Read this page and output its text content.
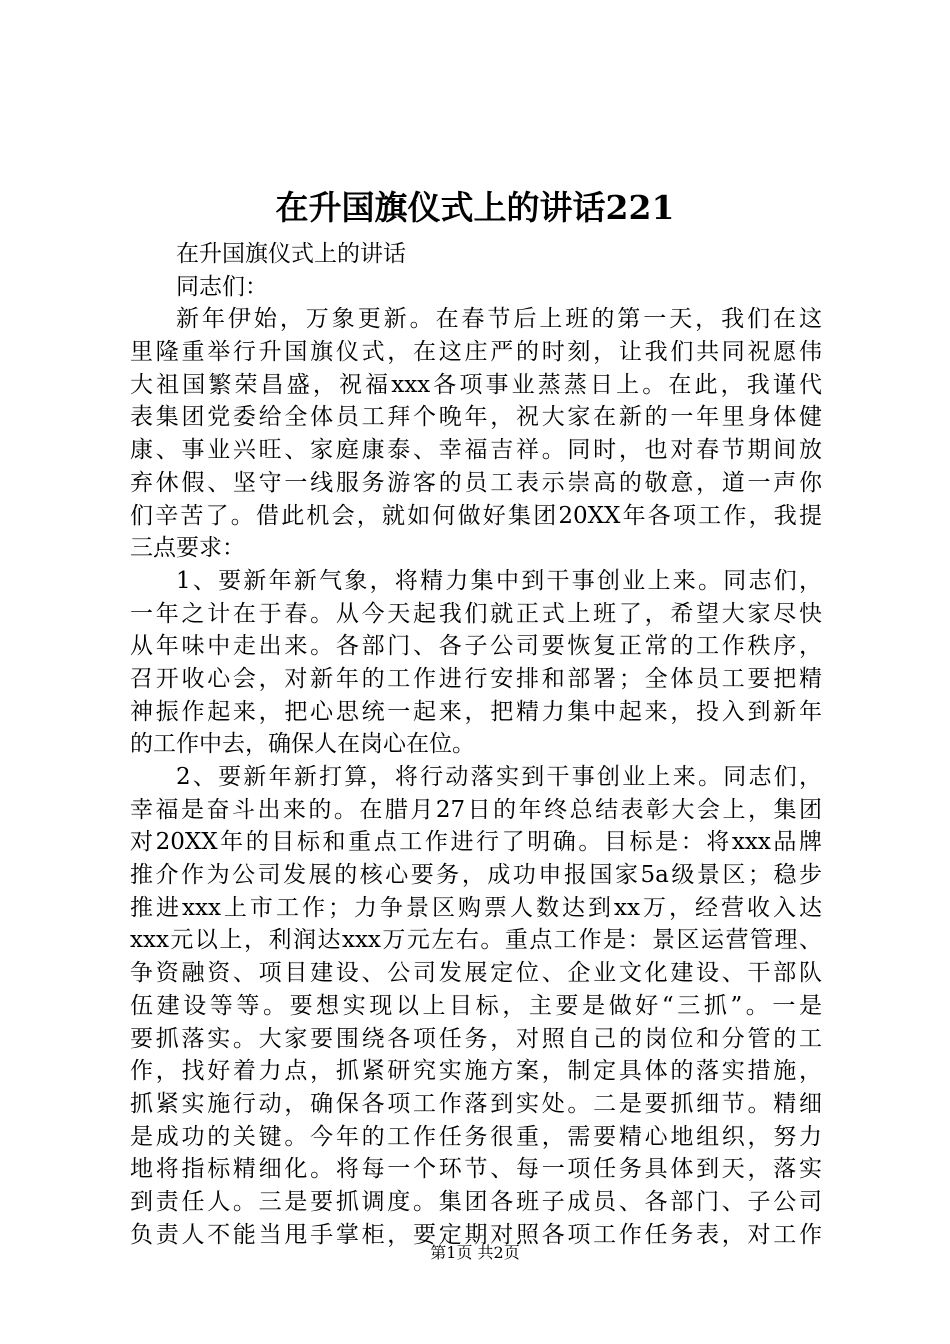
在升国旗仪式上的讲话221
在升国旗仪式上的讲话
同志们：
新年伊始，万象更新。在春节后上班的第一天，我们在这
里隆重举行升国旗仪式，在这庄严的时刻，让我们共同祝愿伟
大祖国繁荣昌盛，祝福xxx各项事业蒸蒸日上。在此，我谨代
表集团党委给全体员工拜个晚年，祝大家在新的一年里身体健
康、事业兴旺、家庭康泰、幸福吉祥。同时，也对春节期间放
弃休假、坚守一线服务游客的员工表示崇高的敬意，道一声你
们辛苦了。借此机会，就如何做好集团20XX年各项工作，我提
三点要求：
1、要新年新气象，将精力集中到干事创业上来。同志们，
一年之计在于春。从今天起我们就正式上班了，希望大家尽快
从年味中走出来。各部门、各子公司要恢复正常的工作秩序，
召开收心会，对新年的工作进行安排和部署；全体员工要把精
神振作起来，把心思统一起来，把精力集中起来，投入到新年
的工作中去，确保人在岗心在位。
2、要新年新打算，将行动落实到干事创业上来。同志们，
幸福是奋斗出来的。在腊月27日的年终总结表彰大会上，集团
对20XX年的目标和重点工作进行了明确。目标是：将xxx品牌
推介作为公司发展的核心要务，成功申报国家5a级景区；稳步
推进xxx上市工作；力争景区购票人数达到xx万，经营收入达
xxx元以上，利润达xxx万元左右。重点工作是：景区运营管理、
争资融资、项目建设、公司发展定位、企业文化建设、干部队
伍建设等等。要想实现以上目标，主要是做好“三抓”。一是
要抓落实。大家要围绕各项任务，对照自己的岗位和分管的工
作，找好着力点，抓紧研究实施方案，制定具体的落实措施，
抓紧实施行动，确保各项工作落到实处。二是要抓细节。精细
是成功的关键。今年的工作任务很重，需要精心地组织，努力
地将指标精细化。将每一个环节、每一项任务具体到天，落实
到责任人。三是要抓调度。集团各班子成员、各部门、子公司
负责人不能当甩手掌柜，要定期对照各项工作任务表，对工作
第1页 共2页
